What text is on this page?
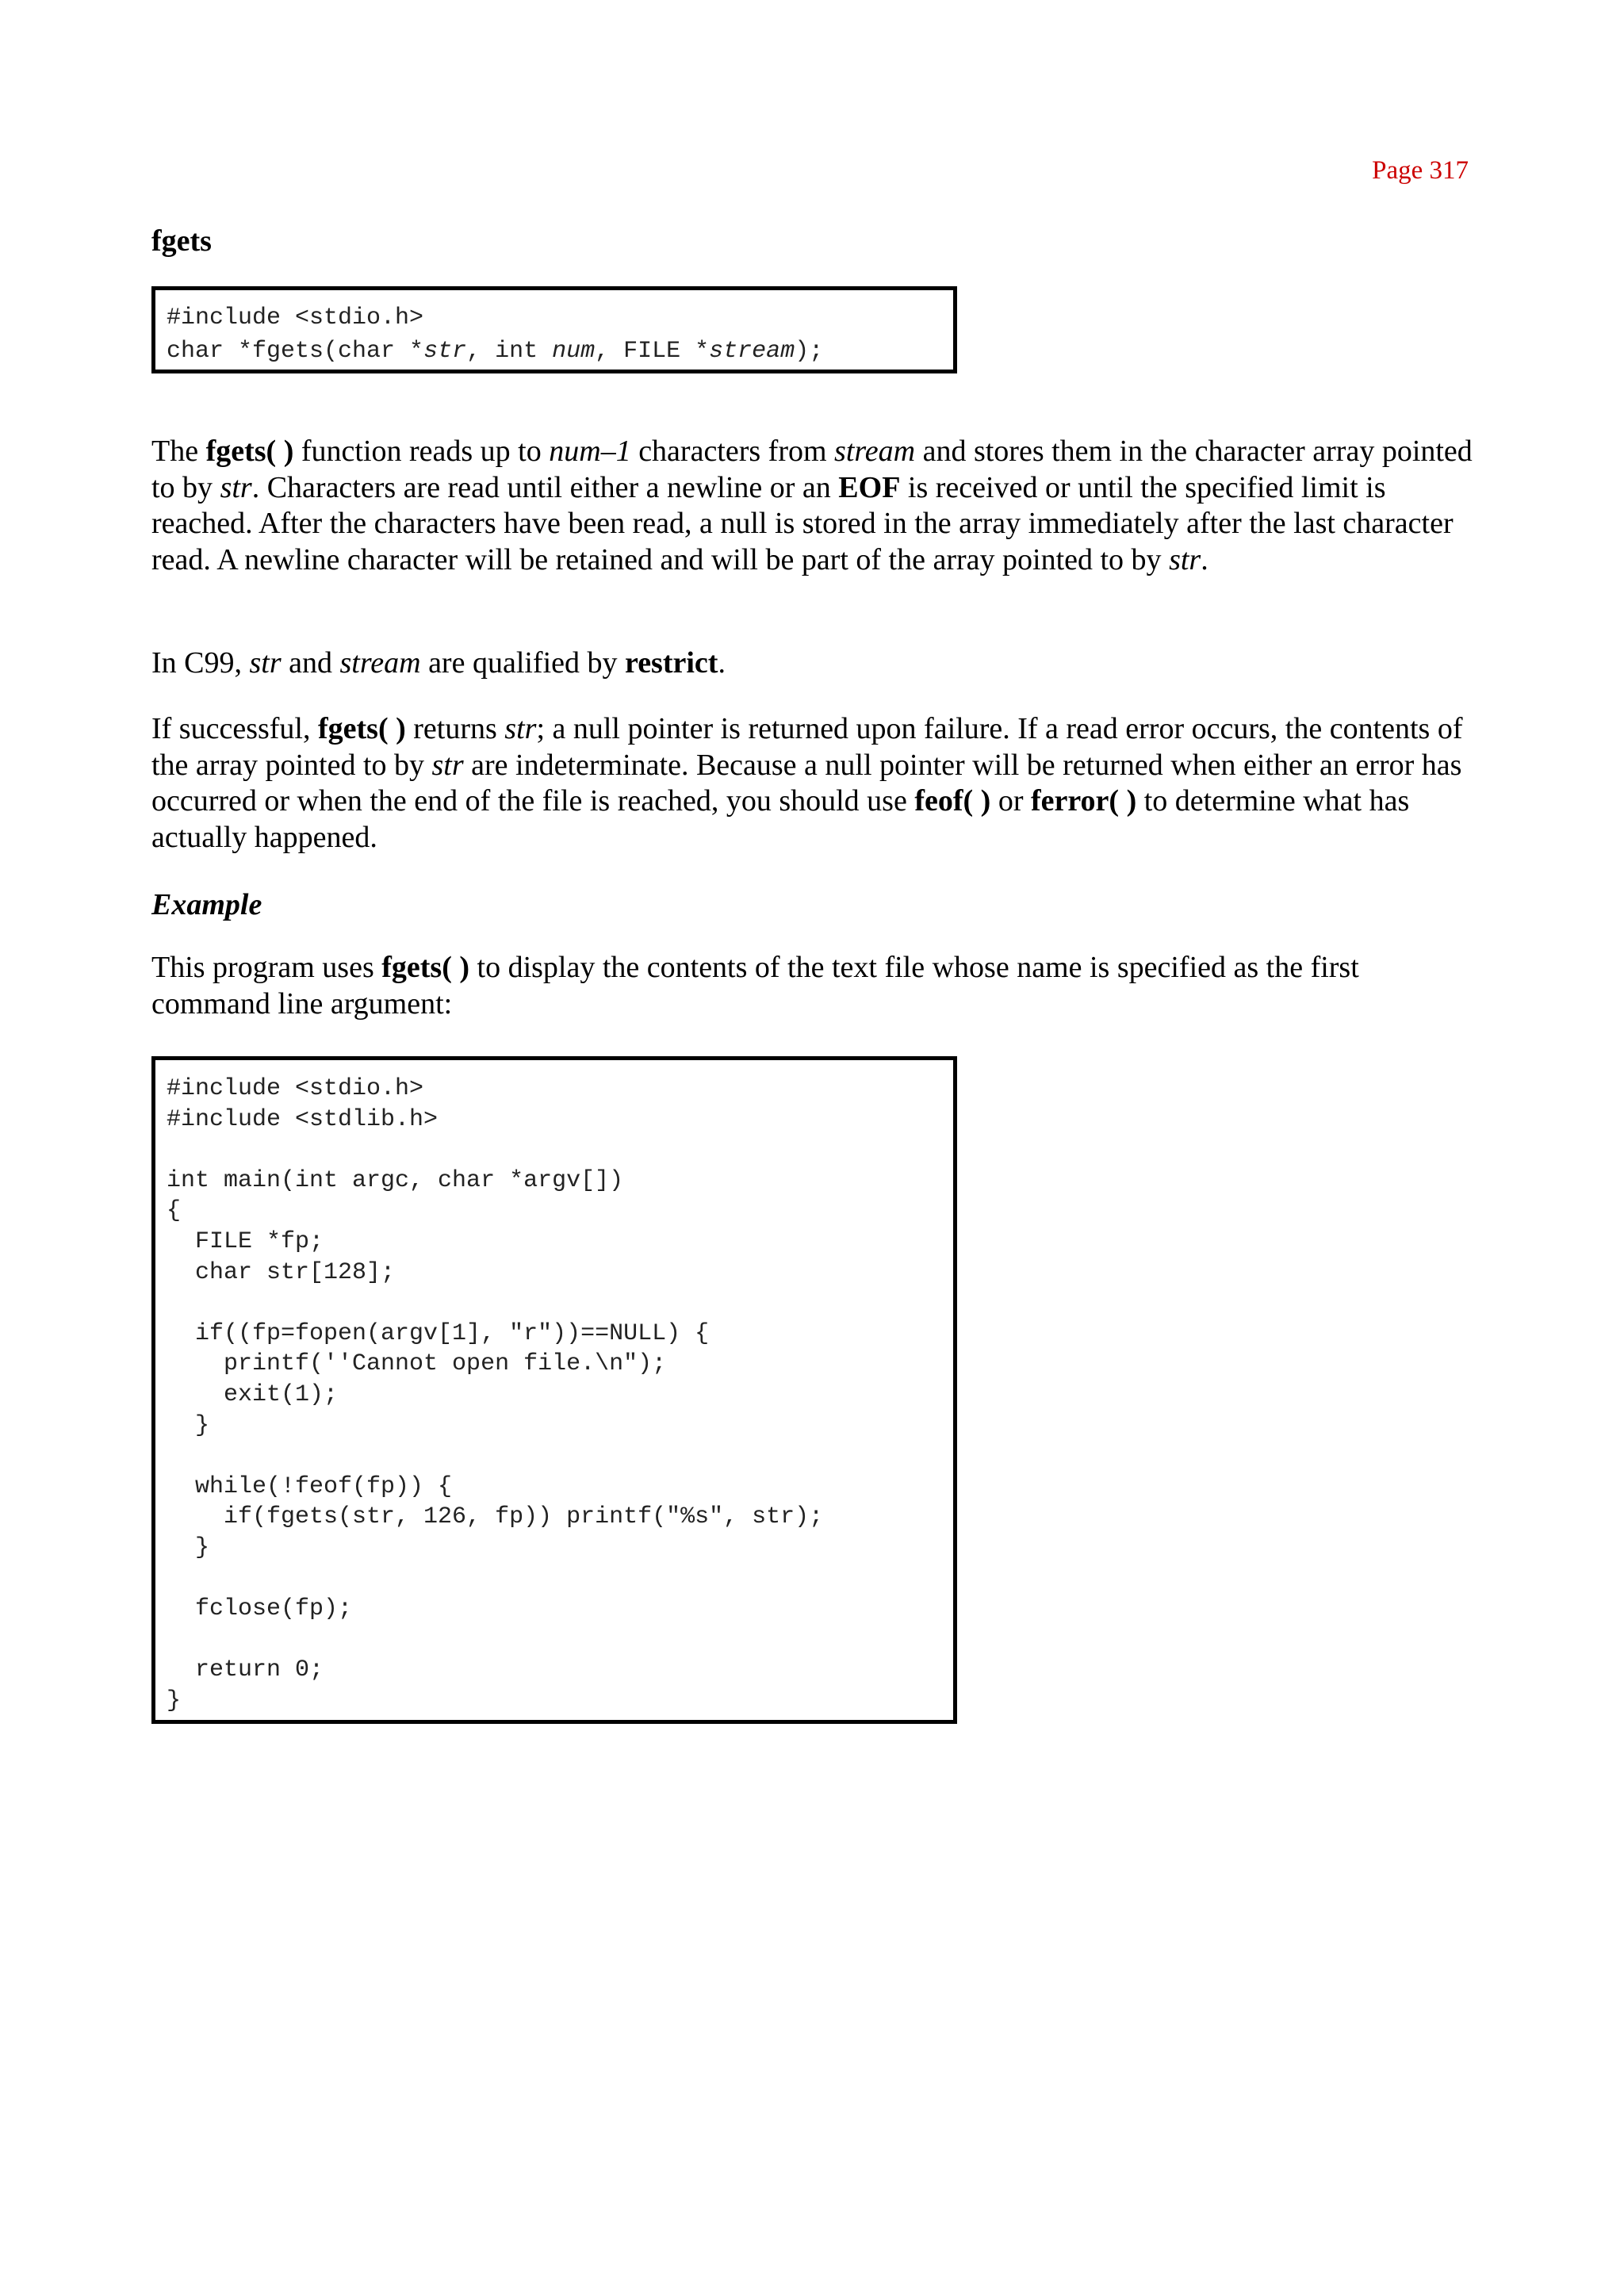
Page 317
fgets
#include <stdio.h>
char *fgets(char *str, int num, FILE *stream);

The fgets( ) function reads up to num–1 characters from stream and stores them in the character array pointed to by str. Characters are read until either a newline or an EOF is received or until the specified limit is reached. After the characters have been read, a null is stored in the array immediately after the last character read. A newline character will be retained and will be part of the array pointed to by str.

In C99, str and stream are qualified by restrict.

If successful, fgets( ) returns str; a null pointer is returned upon failure. If a read error occurs, the contents of the array pointed to by str are indeterminate. Because a null pointer will be returned when either an error has occurred or when the end of the file is reached, you should use feof( ) or ferror( ) to determine what has actually happened.

Example

This program uses fgets( ) to display the contents of the text file whose name is specified as the first command line argument:

#include <stdio.h>
#include <stdlib.h>
int main(int argc, char *argv[])
{
FILE *fp;
char str[128];
if((fp=fopen(argv[1], "r"))==NULL) {
printf(''Cannot open file.\n");
exit(1);
}
while(!feof(fp)) {
if(fgets(str, 126, fp)) printf("%s", str);
}
fclose(fp);
return 0;
}
